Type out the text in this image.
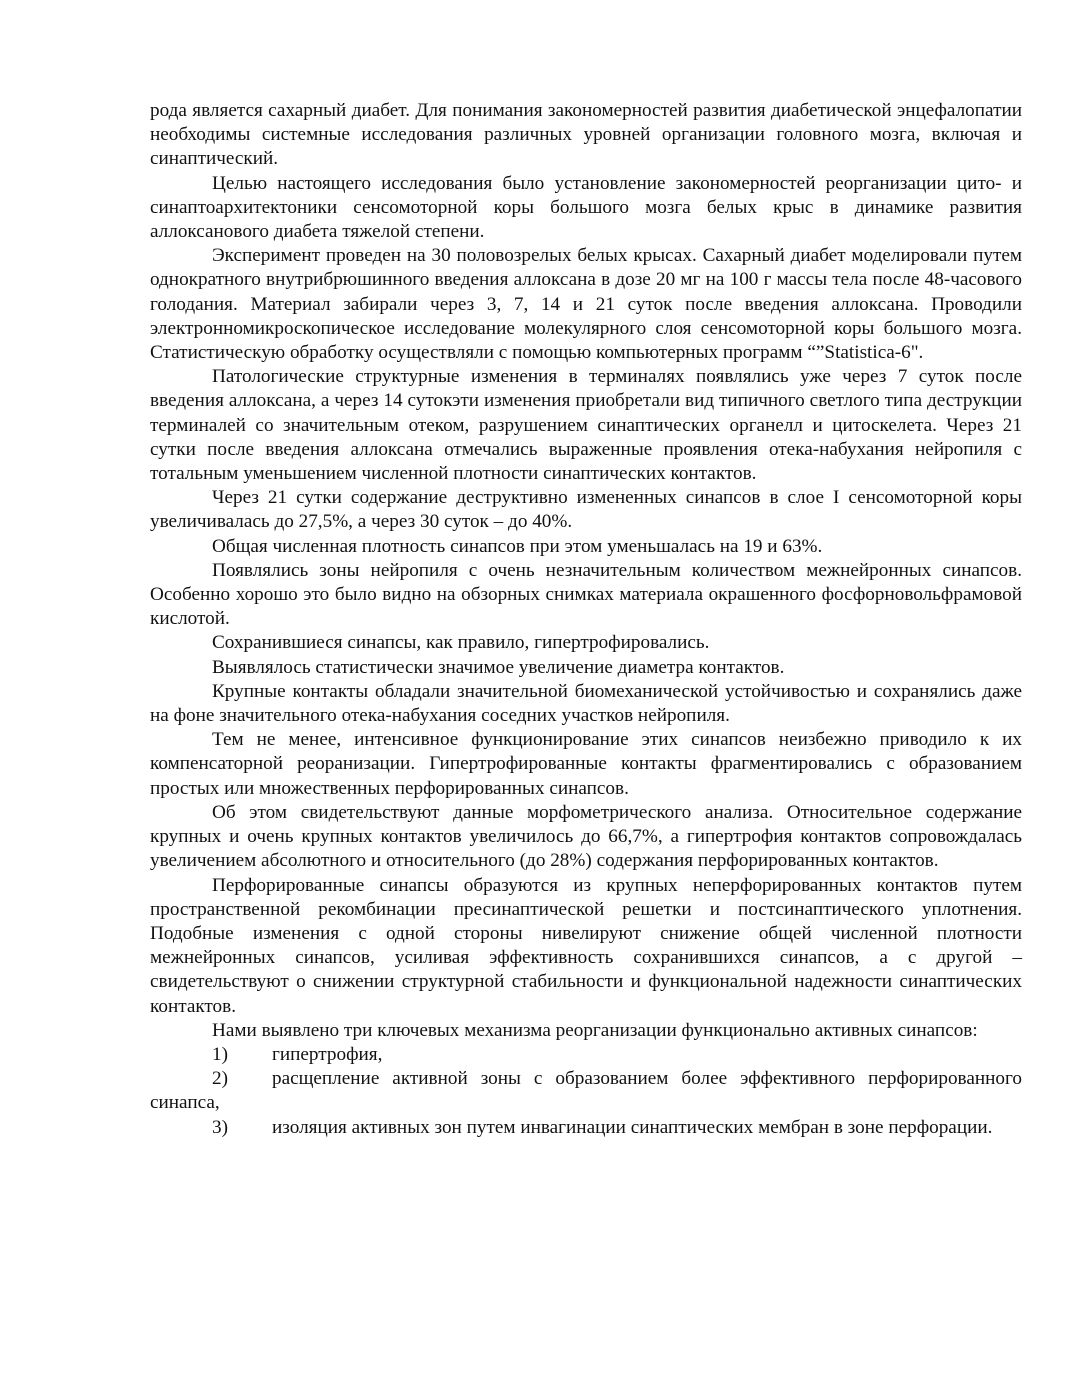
рода является сахарный диабет. Для понимания закономерностей развития диабетической энцефалопатии необходимы системные исследования различных уровней организации головного мозга, включая и синаптический.

Целью настоящего исследования было установление закономерностей реорганизации цито- и синаптоархитектоники сенсомоторной коры большого мозга белых крыс в динамике развития аллоксанового диабета тяжелой степени.

Эксперимент проведен на 30 половозрелых белых крысах. Сахарный диабет моделировали путем однократного внутрибрюшинного введения аллоксана в дозе 20 мг на 100 г массы тела после 48-часового голодания. Материал забирали через 3, 7, 14 и 21 суток после введения аллоксана. Проводили электронномикроскопическое исследование молекулярного слоя сенсомоторной коры большого мозга. Статистическую обработку осуществляли с помощью компьютерных программ “”Statistica-6".

Патологические структурные изменения в терминалях появлялись уже через 7 суток после введения аллоксана, а через 14 сутокэти изменения приобретали вид типичного светлого типа деструкции терминалей со значительным отеком, разрушением синаптических органелл и цитоскелета. Через 21 сутки после введения аллоксана отмечались выраженные проявления отека-набухания нейропиля с тотальным уменьшением численной плотности синаптических контактов.

Через 21 сутки содержание деструктивно измененных синапсов в слое I сенсомоторной коры увеличивалась до 27,5%, а через 30 суток – до 40%.

Общая численная плотность синапсов при этом уменьшалась на 19 и 63%.

Появлялись зоны нейропиля с очень незначительным количеством межнейронных синапсов. Особенно хорошо это было видно на обзорных снимках материала окрашенного фосфорновольфрамовой кислотой.

Сохранившиеся синапсы, как правило, гипертрофировались.

Выявлялось статистически значимое увеличение диаметра контактов.

Крупные контакты обладали значительной биомеханической устойчивостью и сохранялись даже на фоне значительного отека-набухания соседних участков нейропиля.

Тем не менее, интенсивное функционирование этих синапсов неизбежно приводило к их компенсаторной реоранизации. Гипертрофированные контакты фрагментировались с образованием простых или множественных перфорированных синапсов.

Об этом свидетельствуют данные морфометрического анализа. Относительное содержание крупных и очень крупных контактов увеличилось до 66,7%, а гипертрофия контактов сопровождалась увеличением абсолютного и относительного (до 28%) содержания перфорированных контактов.

Перфорированные синапсы образуются из крупных неперфорированных контактов путем пространственной рекомбинации пресинаптической решетки и постсинаптического уплотнения. Подобные изменения с одной стороны нивелируют снижение общей численной плотности межнейронных синапсов, усиливая эффективность сохранившихся синапсов, а с другой – свидетельствуют о снижении структурной стабильности и функциональной надежности синаптических контактов.

Нами выявлено три ключевых механизма реорганизации функционально активных синапсов:

1) гипертрофия,

2) расщепление активной зоны с образованием более эффективного перфорированного синапса,

3) изоляция активных зон путем инвагинации синаптических мембран в зоне перфорации.
